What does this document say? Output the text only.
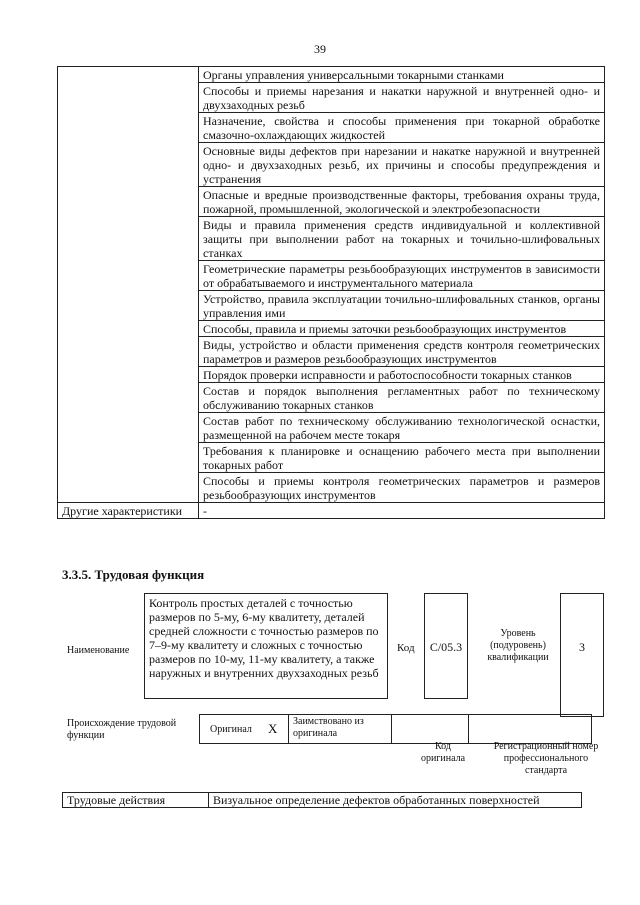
39
	Органы управления универсальными токарными станками
	Способы и приемы нарезания и накатки наружной и внутренней одно- и двухзаходных резьб
	Назначение, свойства и способы применения при токарной обработке смазочно-охлаждающих жидкостей
	Основные виды дефектов при нарезании и накатке наружной и внутренней одно- и двухзаходных резьб, их причины и способы предупреждения и устранения
	Опасные и вредные производственные факторы, требования охраны труда, пожарной, промышленной, экологической и электробезопасности
	Виды и правила применения средств индивидуальной и коллективной защиты при выполнении работ на токарных и точильно-шлифовальных станках
	Геометрические параметры резьбообразующих инструментов в зависимости от обрабатываемого и инструментального материала
	Устройство, правила эксплуатации точильно-шлифовальных станков, органы управления ими
	Способы, правила и приемы заточки резьбообразующих инструментов
	Виды, устройство и области применения средств контроля геометрических параметров и размеров резьбообразующих инструментов
	Порядок проверки исправности и работоспособности токарных станков
	Состав и порядок выполнения регламентных работ по техническому обслуживанию токарных станков
	Состав работ по техническому обслуживанию технологической оснастки, размещенной на рабочем месте токаря
	Требования к планировке и оснащению рабочего места при выполнении токарных работ
	Способы и приемы контроля геометрических параметров и размеров резьбообразующих инструментов
Другие характеристики	-
3.3.5. Трудовая функция
Наименование
Контроль простых деталей с точностью размеров по 5-му, 6-му квалитету, деталей средней сложности с точностью размеров по 7–9-му квалитету и сложных с точностью размеров по 10-му, 11-му квалитету, а также наружных и внутренних двухзаходных резьб
Код	C/05.3
Уровень (подуровень) квалификации
3
Происхождение трудовой функции
Оригинал X Заимствовано из оригинала
Код оригинала
Регистрационный номер профессионального стандарта
Трудовые действия	Визуальное определение дефектов обработанных поверхностей
